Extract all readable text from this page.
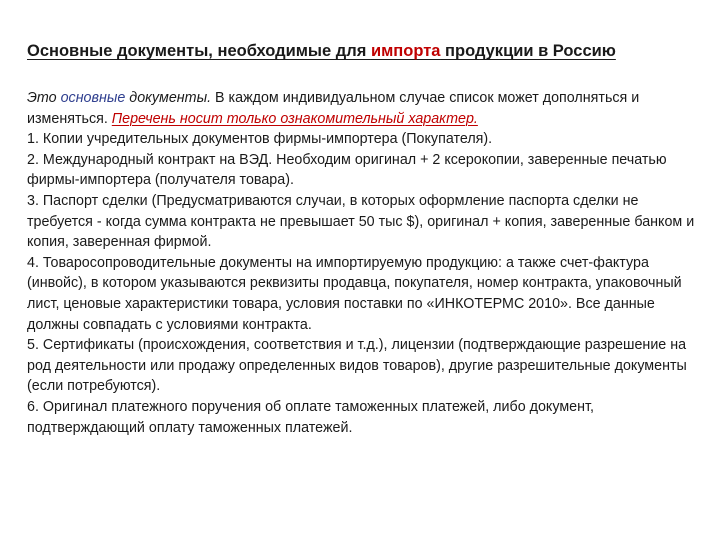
Основные документы, необходимые для импорта продукции в Россию

Это основные документы. В каждом индивидуальном случае список может дополняться и изменяться. Перечень носит только ознакомительный характер.

1. Копии учредительных документов фирмы-импортера (Покупателя).

2. Международный контракт на ВЭД. Необходим оригинал + 2 ксерокопии, заверенные печатью фирмы-импортера (получателя товара).

3. Паспорт сделки (Предусматриваются случаи, в которых оформление паспорта сделки не требуется - когда сумма контракта не превышает 50 тыс $), оригинал + копия, заверенные банком и копия, заверенная фирмой.

4. Товаросопроводительные документы на импортируемую продукцию: а также счет-фактура (инвойс), в котором указываются реквизиты продавца, покупателя, номер контракта, упаковочный лист, ценовые характеристики товара, условия поставки по «ИНКОТЕРМС 2010». Все данные должны совпадать с условиями контракта.

5. Сертификаты (происхождения, соответствия и т.д.), лицензии (подтверждающие разрешение на род деятельности или продажу определенных видов товаров), другие разрешительные документы (если потребуются).

6. Оригинал платежного поручения об оплате таможенных платежей, либо документ, подтверждающий оплату таможенных платежей.
